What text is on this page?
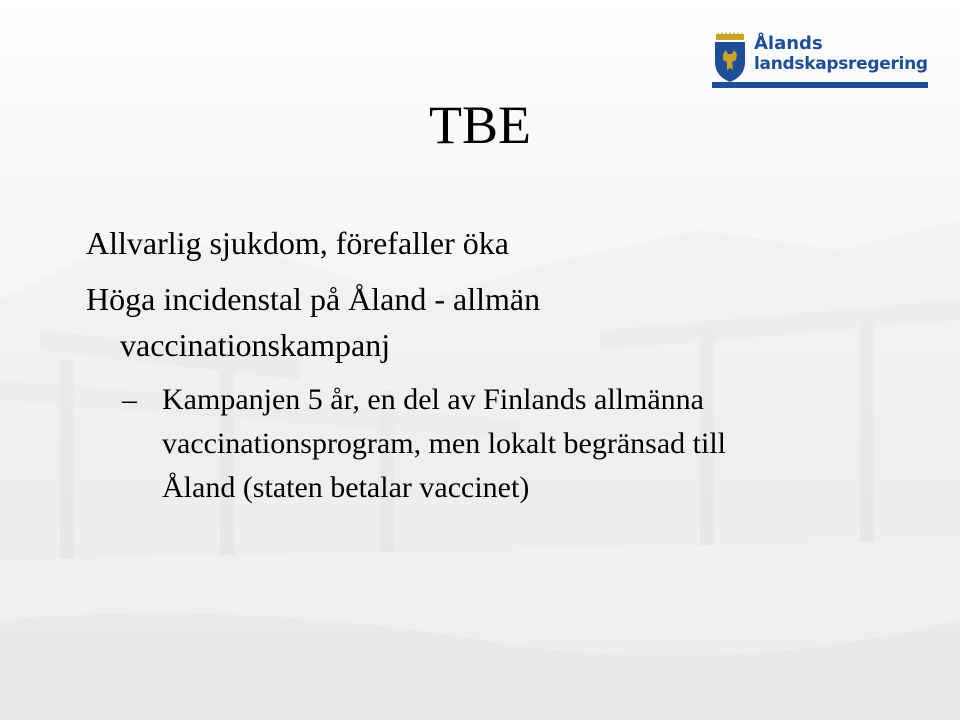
Ålands
landskapsregering
TBE
Allvarlig sjukdom, förefaller öka
Höga incidenstal på Åland - allmän
vaccinationskampanj
– Kampanjen 5 år, en del av Finlands allmänna
vaccinationsprogram, men lokalt begränsad till
Åland (staten betalar vaccinet)
